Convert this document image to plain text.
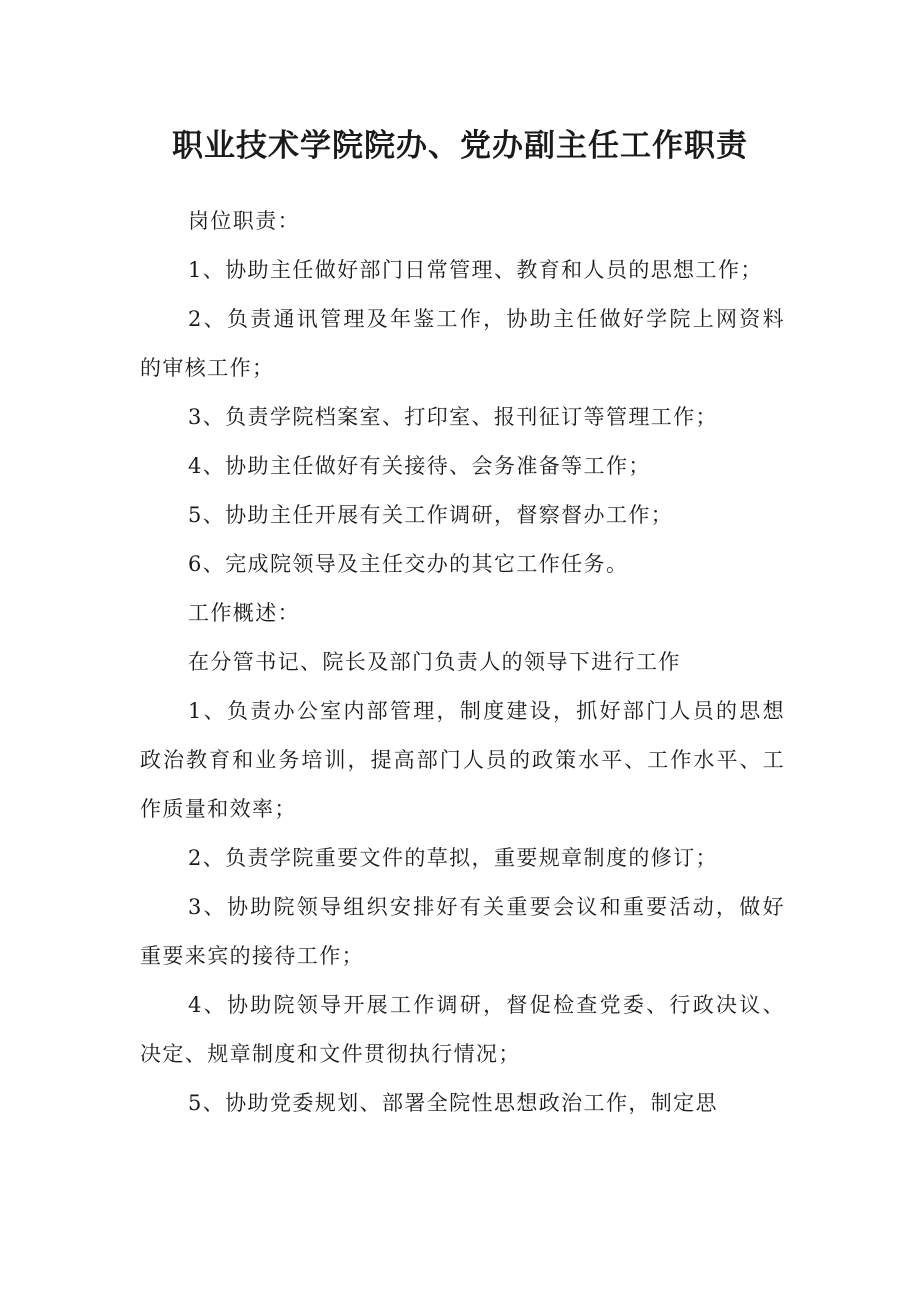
职业技术学院院办、党办副主任工作职责

岗位职责：

1、协助主任做好部门日常管理、教育和人员的思想工作；

2、负责通讯管理及年鉴工作，协助主任做好学院上网资料的审核工作；

3、负责学院档案室、打印室、报刊征订等管理工作；

4、协助主任做好有关接待、会务准备等工作；

5、协助主任开展有关工作调研，督察督办工作；

6、完成院领导及主任交办的其它工作任务。

工作概述：

在分管书记、院长及部门负责人的领导下进行工作

1、负责办公室内部管理，制度建设，抓好部门人员的思想政治教育和业务培训，提高部门人员的政策水平、工作水平、工作质量和效率；

2、负责学院重要文件的草拟，重要规章制度的修订；

3、协助院领导组织安排好有关重要会议和重要活动，做好重要来宾的接待工作；

4、协助院领导开展工作调研，督促检查党委、行政决议、决定、规章制度和文件贯彻执行情况；

5、协助党委规划、部署全院性思想政治工作，制定思
